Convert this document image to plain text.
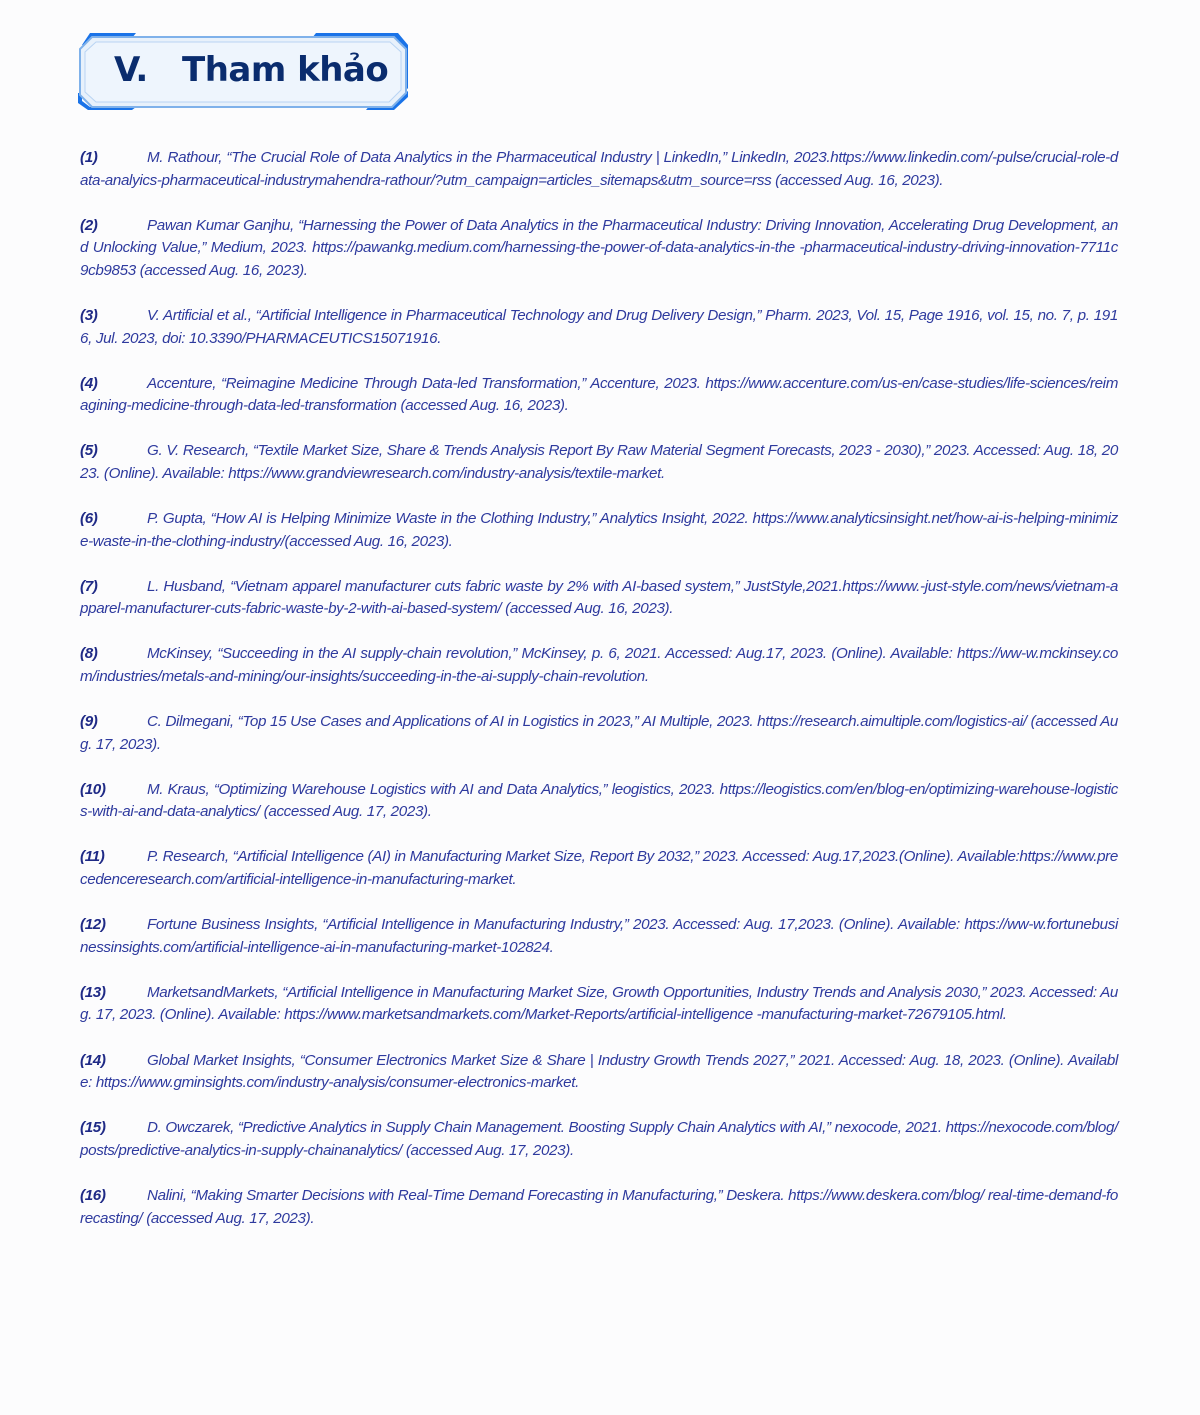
V. Tham khảo

(1)	M. Rathour, “The Crucial Role of Data Analytics in the Pharmaceutical Industry | LinkedIn,” LinkedIn, 2023.https://www.linkedin.com/-pulse/crucial-role-data-analyics-pharmaceutical-industrymahendra-rathour/?utm_campaign=articles_sitemaps&utm_source=rss (accessed Aug. 16, 2023).

(2)	Pawan Kumar Ganjhu, “Harnessing the Power of Data Analytics in the Pharmaceutical Industry: Driving Innovation, Accelerating Drug Development, and Unlocking Value,” Medium, 2023. https://pawankg.medium.com/harnessing-the-power-of-data-analytics-in-the -pharmaceutical-industry-driving-innovation-7711c9cb9853 (accessed Aug. 16, 2023).

(3)	V. Artificial et al., “Artificial Intelligence in Pharmaceutical Technology and Drug Delivery Design,” Pharm. 2023, Vol. 15, Page 1916, vol. 15, no. 7, p. 1916, Jul. 2023, doi: 10.3390/PHARMACEUTICS15071916.

(4)	Accenture, “Reimagine Medicine Through Data-led Transformation,” Accenture, 2023. https://www.accenture.com/us-en/case-studies/life-sciences/reimagining-medicine-through-data-led-transformation (accessed Aug. 16, 2023).

(5)	G. V. Research, “Textile Market Size, Share & Trends Analysis Report By Raw Material Segment Forecasts, 2023 - 2030),” 2023. Accessed: Aug. 18, 2023. (Online). Available: https://www.grandviewresearch.com/industry-analysis/textile-market.

(6)	P. Gupta, “How AI is Helping Minimize Waste in the Clothing Industry,” Analytics Insight, 2022. https://www.analyticsinsight.net/how-ai-is-helping-minimize-waste-in-the-clothing-industry/(accessed Aug. 16, 2023).

(7)	L. Husband, “Vietnam apparel manufacturer cuts fabric waste by 2% with AI-based system,” JustStyle,2021.https://www.-just-style.com/news/vietnam-apparel-manufacturer-cuts-fabric-waste-by-2-with-ai-based-system/ (accessed Aug. 16, 2023).

(8)	McKinsey, “Succeeding in the AI supply-chain revolution,” McKinsey, p. 6, 2021. Accessed: Aug.17, 2023. (Online). Available: https://ww-w.mckinsey.com/industries/metals-and-mining/our-insights/succeeding-in-the-ai-supply-chain-revolution.

(9)	C. Dilmegani, “Top 15 Use Cases and Applications of AI in Logistics in 2023,” AI Multiple, 2023. https://research.aimultiple.com/logistics-ai/ (accessed Aug. 17, 2023).

(10)	M. Kraus, “Optimizing Warehouse Logistics with AI and Data Analytics,” leogistics, 2023. https://leogistics.com/en/blog-en/optimizing-warehouse-logistics-with-ai-and-data-analytics/ (accessed Aug. 17, 2023).

(11)	P. Research, “Artificial Intelligence (AI) in Manufacturing Market Size, Report By 2032,” 2023. Accessed: Aug.17,2023.(Online). Available:https://www.precedenceresearch.com/artificial-intelligence-in-manufacturing-market.

(12)	Fortune Business Insights, “Artificial Intelligence in Manufacturing Industry,” 2023. Accessed: Aug. 17,2023. (Online). Available: https://ww-w.fortunebusinessinsights.com/artificial-intelligence-ai-in-manufacturing-market-102824.

(13)	MarketsandMarkets, “Artificial Intelligence in Manufacturing Market Size, Growth Opportunities, Industry Trends and Analysis 2030,” 2023. Accessed: Aug. 17, 2023. (Online). Available: https://www.marketsandmarkets.com/Market-Reports/artificial-intelligence -manufacturing-market-72679105.html.

(14)	Global Market Insights, “Consumer Electronics Market Size & Share | Industry Growth Trends 2027,” 2021. Accessed: Aug. 18, 2023. (Online). Available: https://www.gminsights.com/industry-analysis/consumer-electronics-market.

(15)	D. Owczarek, “Predictive Analytics in Supply Chain Management. Boosting Supply Chain Analytics with AI,” nexocode, 2021. https://nexocode.com/blog/posts/predictive-analytics-in-supply-chainanalytics/ (accessed Aug. 17, 2023).

(16)	Nalini, “Making Smarter Decisions with Real-Time Demand Forecasting in Manufacturing,” Deskera. https://www.deskera.com/blog/ real-time-demand-forecasting/ (accessed Aug. 17, 2023).
